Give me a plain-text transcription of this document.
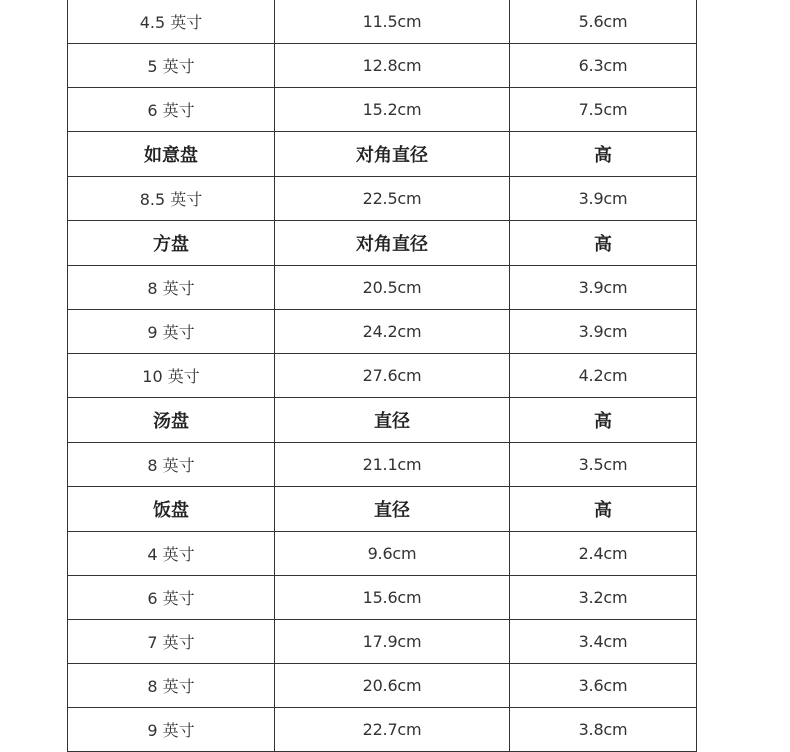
4.5 英寸	11.5cm	5.6cm
5 英寸	12.8cm	6.3cm
6 英寸	15.2cm	7.5cm
如意盘	对角直径	高
8.5 英寸	22.5cm	3.9cm
方盘	对角直径	高
8 英寸	20.5cm	3.9cm
9 英寸	24.2cm	3.9cm
10 英寸	27.6cm	4.2cm
汤盘	直径	高
8 英寸	21.1cm	3.5cm
饭盘	直径	高
4 英寸	9.6cm	2.4cm
6 英寸	15.6cm	3.2cm
7 英寸	17.9cm	3.4cm
8 英寸	20.6cm	3.6cm
9 英寸	22.7cm	3.8cm
